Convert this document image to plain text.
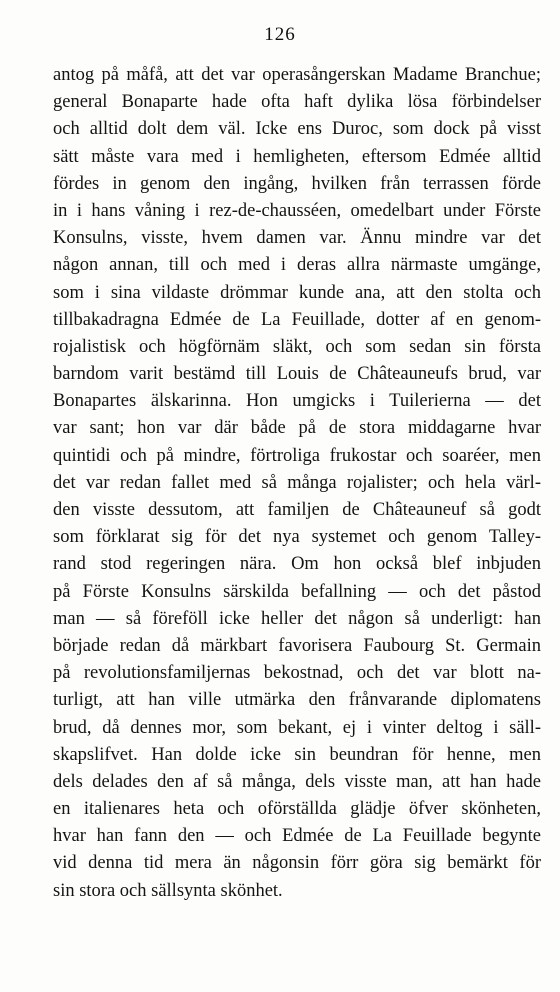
126
antog på måfå, att det var operasångerskan Madame Branchue;
general Bonaparte hade ofta haft dylika lösa förbindelser
och alltid dolt dem väl. Icke ens Duroc, som dock på visst
sätt måste vara med i hemligheten, eftersom Edmée alltid
fördes in genom den ingång, hvilken från terrassen förde
in i hans våning i rez-de-chausséen, omedelbart under Förste
Konsulns, visste, hvem damen var. Ännu mindre var det
någon annan, till och med i deras allra närmaste umgänge,
som i sina vildaste drömmar kunde ana, att den stolta och
tillbakadragna Edmée de La Feuillade, dotter af en genom-
rojalistisk och högförnäm släkt, och som sedan sin första
barndom varit bestämd till Louis de Châteauneufs brud, var
Bonapartes älskarinna. Hon umgicks i Tuilerierna — det
var sant; hon var där både på de stora middagarne hvar
quintidi och på mindre, förtroliga frukostar och soaréer, men
det var redan fallet med så många rojalister; och hela värl-
den visste dessutom, att familjen de Châteauneuf så godt
som förklarat sig för det nya systemet och genom Talley-
rand stod regeringen nära. Om hon också blef inbjuden
på Förste Konsulns särskilda befallning — och det påstod
man — så föreföll icke heller det någon så underligt: han
började redan då märkbart favorisera Faubourg St. Germain
på revolutionsfamiljernas bekostnad, och det var blott na-
turligt, att han ville utmärka den frånvarande diplomatens
brud, då dennes mor, som bekant, ej i vinter deltog i säll-
skapslifvet. Han dolde icke sin beundran för henne, men
dels delades den af så många, dels visste man, att han hade
en italienares heta och oförställda glädje öfver skönheten,
hvar han fann den — och Edmée de La Feuillade begynte
vid denna tid mera än någonsin förr göra sig bemärkt för
sin stora och sällsynta skönhet.
